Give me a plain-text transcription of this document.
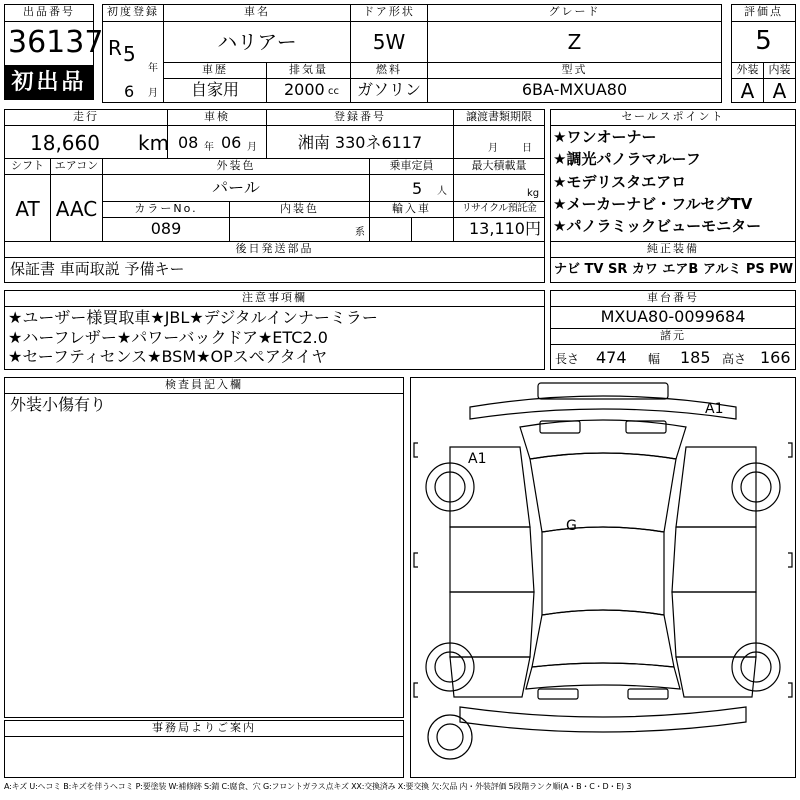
出品番号
36137
初出品
初度登録
R 5
年
6 月
車名
ハリアー
ドア形状
5W
グレード
Z
評価点
5
車歴
自家用
排気量
2000 cc
燃料
ガソリン
型式
6BA-MXUA80
外装
A
内装
A
走行
18,660 km
車検
08 年 06 月
登録番号
湘南 330ネ6117
譲渡書類期限
月 日
シフト
AT
エアコン
AAC
外装色
パール
乗車定員
5 人
最大積載量
kg
カラーNo.
089
内装色
系
輸入車	リサイクル預託金
13,110円
後日発送部品
保証書 車両取説 予備キー
セールスポイント
★ワンオーナー
★調光パノラマルーフ
★モデリスタエアロ
★メーカーナビ・フルセグTV
★パノラミックビューモニター
純正装備
ナビ TV SR カワ エアB アルミ PS PW
注意事項欄
★ユーザー様買取車★JBL★デジタルインナーミラー
★ハーフレザー★パワーバックドア★ETC2.0
★セーフティセンス★BSM★OPスペアタイヤ
車台番号
MXUA80-0099684
諸元
長さ 474 幅 185 高さ 166
検査員記入欄
外装小傷有り
事務局よりご案内
A1
A1
G
A:キズ U:ヘコミ B:キズを伴うヘコミ P:要塗装 W:補修跡 S:錆 C:腐食、穴 G:フロントガラス点キズ XX:交換済み X:要交換 欠:欠品 内・外装評価 5段階ランク順(A・B・C・D・E) 3
